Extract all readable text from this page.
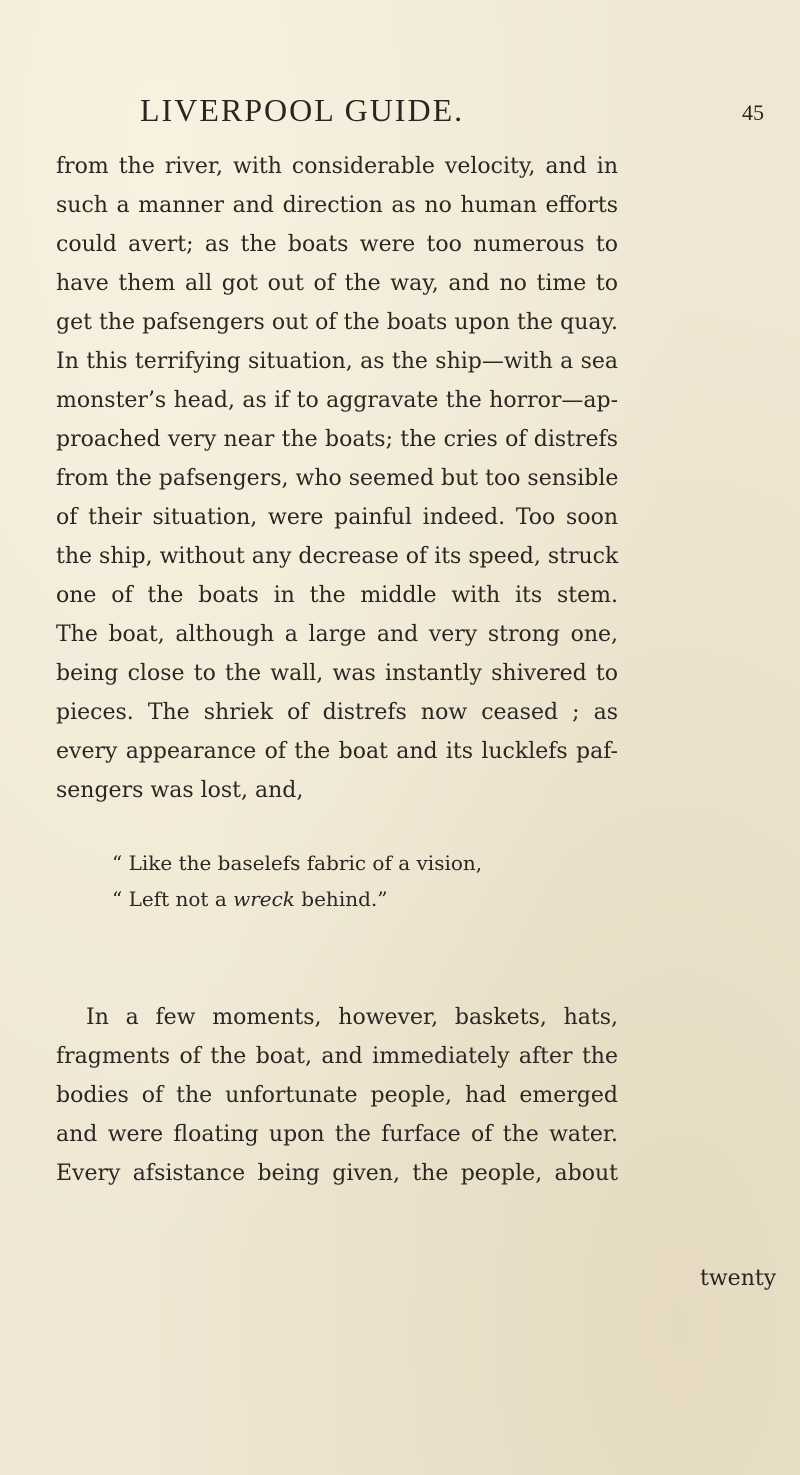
LIVERPOOL GUIDE.	45
from the river, with considerable velocity, and in
such a manner and direction as no human efforts
could avert; as the boats were too numerous to
have them all got out of the way, and no time to
get the pafsengers out of the boats upon the quay.
In this terrifying situation, as the ship—with a sea
monster’s head, as if to aggravate the horror—ap-
proached very near the boats; the cries of distrefs
from the pafsengers, who seemed but too sensible
of their situation, were painful indeed. Too soon
the ship, without any decrease of its speed, struck
one of the boats in the middle with its stem.
The boat, although a large and very strong one,
being close to the wall, was instantly shivered to
pieces. The shriek of distrefs now ceased ; as
every appearance of the boat and its lucklefs paf-
sengers was lost, and,
“ Like the baselefs fabric of a vision,
“ Left not a wreck behind.”
In a few moments, however, baskets, hats,
fragments of the boat, and immediately after the
bodies of the unfortunate people, had emerged
and were floating upon the furface of the water.
Every afsistance being given, the people, about
twenty
